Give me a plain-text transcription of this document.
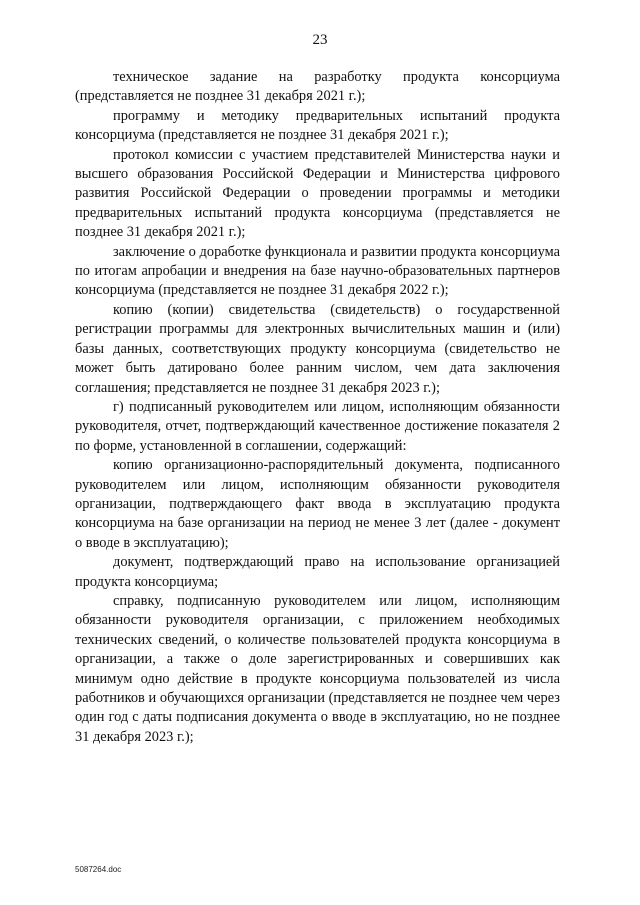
23

техническое задание на разработку продукта консорциума (представляется не позднее 31 декабря 2021 г.);

программу и методику предварительных испытаний продукта консорциума (представляется не позднее 31 декабря 2021 г.);

протокол комиссии с участием представителей Министерства науки и высшего образования Российской Федерации и Министерства цифрового развития Российской Федерации о проведении программы и методики предварительных испытаний продукта консорциума (представляется не позднее 31 декабря 2021 г.);

заключение о доработке функционала и развитии продукта консорциума по итогам апробации и внедрения на базе научно-образовательных партнеров консорциума (представляется не позднее 31 декабря 2022 г.);

копию (копии) свидетельства (свидетельств) о государственной регистрации программы для электронных вычислительных машин и (или) базы данных, соответствующих продукту консорциума (свидетельство не может быть датировано более ранним числом, чем дата заключения соглашения; представляется не позднее 31 декабря 2023 г.);

г) подписанный руководителем или лицом, исполняющим обязанности руководителя, отчет, подтверждающий качественное достижение показателя 2 по форме, установленной в соглашении, содержащий:

копию организационно-распорядительный документа, подписанного руководителем или лицом, исполняющим обязанности руководителя организации, подтверждающего факт ввода в эксплуатацию продукта консорциума на базе организации на период не менее 3 лет (далее - документ о вводе в эксплуатацию);

документ, подтверждающий право на использование организацией продукта консорциума;

справку, подписанную руководителем или лицом, исполняющим обязанности руководителя организации, с приложением необходимых технических сведений, о количестве пользователей продукта консорциума в организации, а также о доле зарегистрированных и совершивших как минимум одно действие в продукте консорциума пользователей из числа работников и обучающихся организации (представляется не позднее чем через один год с даты подписания документа о вводе в эксплуатацию, но не позднее 31 декабря 2023 г.);

5087264.doc
